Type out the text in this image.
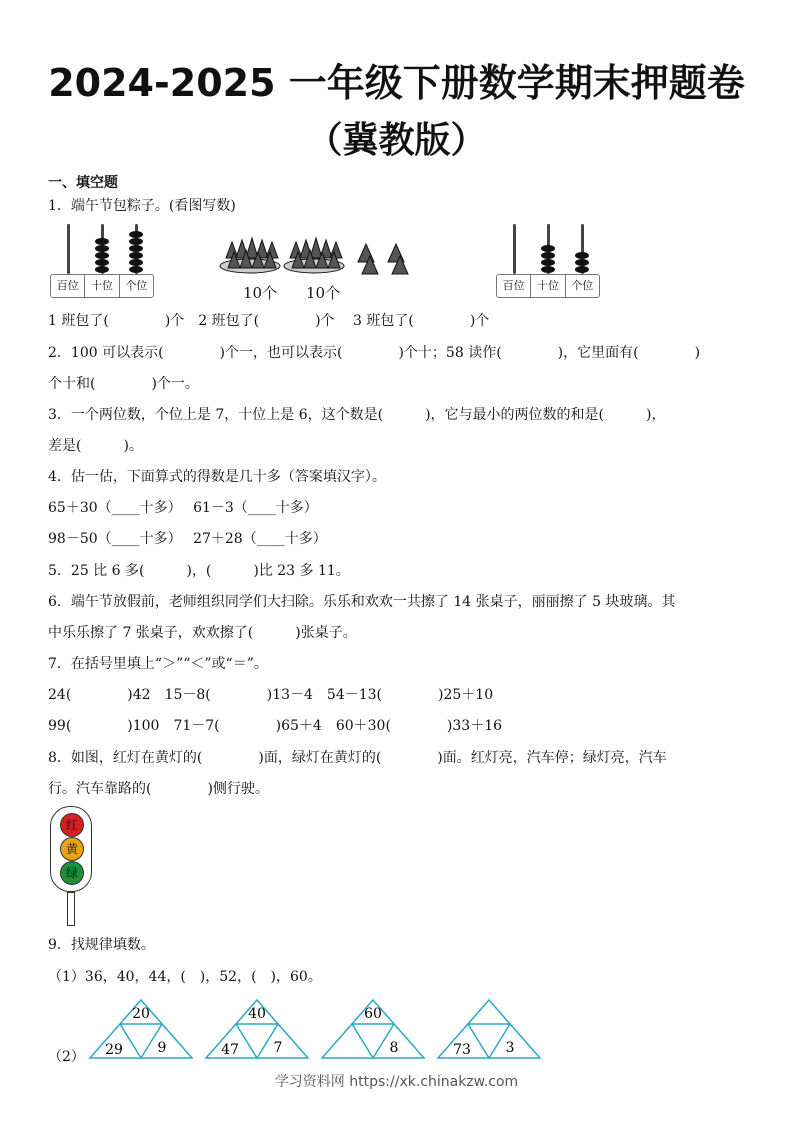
2024-2025 一年级下册数学期末押题卷
（冀教版）
一、填空题
1．端午节包粽子。(看图写数)
百位	十位	个位	10个 10个	百位	十位	个位
1 班包了(　　　　)个　2 班包了(　　　　)个　 3 班包了(　　　　)个
2．100 可以表示(　　　　)个一，也可以表示(　　　　)个十；58 读作(　　　　)，它里面有(　　　　)
个十和(　　　　)个一。
3．一个两位数，个位上是 7，十位上是 6，这个数是(　　　)，它与最小的两位数的和是(　　　)，
差是(　　　)。
4．估一估，下面算式的得数是几十多（答案填汉字）。
65＋30（____十多）　 61－3（____十多）
98－50（____十多）　 27＋28（____十多）
5．25 比 6 多(　　　)，(　　　)比 23 多 11。
6．端午节放假前，老师组织同学们大扫除。乐乐和欢欢一共擦了 14 张桌子，丽丽擦了 5 块玻璃。其
中乐乐擦了 7 张桌子，欢欢擦了(　　　)张桌子。
7．在括号里填上“＞”“＜”或“＝”。
24(　　　　)42　15－8(　　　　)13－4　54－13(　　　　)25＋10
99(　　　　)100　71－7(　　　　)65＋4　60＋30(　　　　)33＋16
8．如图，红灯在黄灯的(　　　　)面，绿灯在黄灯的(　　　　)面。红灯亮，汽车停；绿灯亮，汽车
行。汽车靠路的(　　　　)侧行驶。
红
黄
绿
9．找规律填数。
（1）36，40，44，(　)，52，(　)，60。
（2）
20
29 9
40
47 7
60
8	73 3
学习资料网 https://xk.chinakzw.com
